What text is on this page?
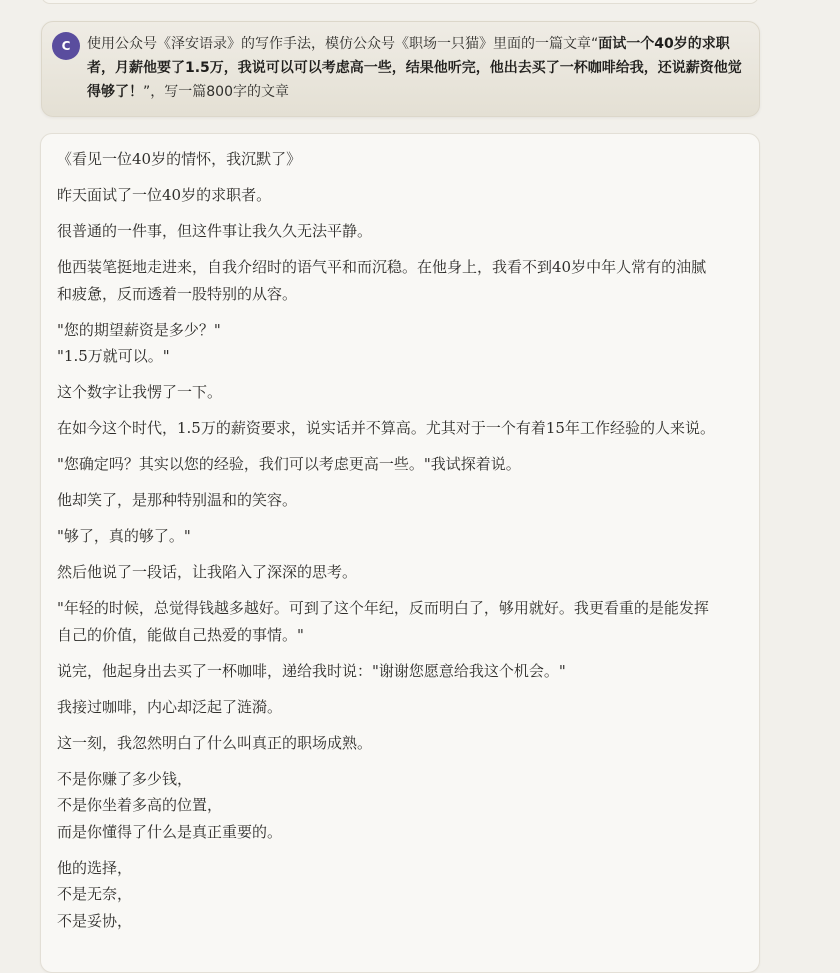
C 使用公众号《泽安语录》的写作手法，模仿公众号《职场一只猫》里面的一篇文章“面试一个40岁的求职者，月薪他要了1.5万，我说可以可以考虑高一些，结果他听完，他出去买了一杯咖啡给我，还说薪资他觉得够了！”，写一篇800字的文章

《看见一位40岁的情怀，我沉默了》

昨天面试了一位40岁的求职者。

很普通的一件事，但这件事让我久久无法平静。

他西装笔挺地走进来，自我介绍时的语气平和而沉稳。在他身上，我看不到40岁中年人常有的油腻和疲惫，反而透着一股特别的从容。

"您的期望薪资是多少？"
"1.5万就可以。"

这个数字让我愣了一下。

在如今这个时代，1.5万的薪资要求，说实话并不算高。尤其对于一个有着15年工作经验的人来说。

"您确定吗？其实以您的经验，我们可以考虑更高一些。"我试探着说。

他却笑了，是那种特别温和的笑容。

"够了，真的够了。"

然后他说了一段话，让我陷入了深深的思考。

"年轻的时候，总觉得钱越多越好。可到了这个年纪，反而明白了，够用就好。我更看重的是能发挥自己的价值，能做自己热爱的事情。"

说完，他起身出去买了一杯咖啡，递给我时说："谢谢您愿意给我这个机会。"

我接过咖啡，内心却泛起了涟漪。

这一刻，我忽然明白了什么叫真正的职场成熟。

不是你赚了多少钱，
不是你坐着多高的位置，
而是你懂得了什么是真正重要的。

他的选择，
不是无奈，
不是妥协，
